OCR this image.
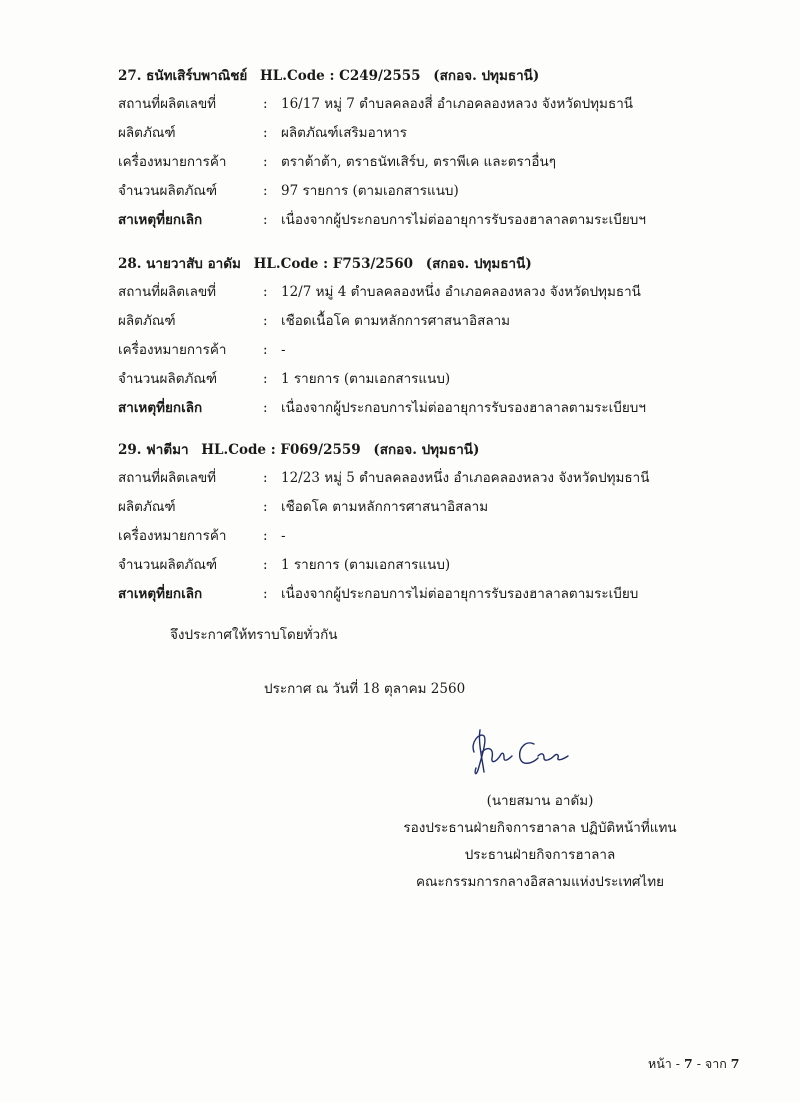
27. ธนัทเสิร์บพาณิชย์ HL.Code : C249/2555 (สกอจ. ปทุมธานี)
สถานที่ผลิตเลขที่	: 16/17 หมู่ 7 ตำบลคลองสี่ อำเภอคลองหลวง จังหวัดปทุมธานี
ผลิตภัณฑ์	: ผลิตภัณฑ์เสริมอาหาร
เครื่องหมายการค้า	: ตราต้าต้า, ตราธนัทเสิร์บ, ตราพีเค และตราอื่นๆ
จำนวนผลิตภัณฑ์	: 97 รายการ (ตามเอกสารแนบ)
สาเหตุที่ยกเลิก	: เนื่องจากผู้ประกอบการไม่ต่ออายุการรับรองฮาลาลตามระเบียบฯ
28. นายวาสับ อาดัม HL.Code : F753/2560 (สกอจ. ปทุมธานี)
สถานที่ผลิตเลขที่	: 12/7 หมู่ 4 ตำบลคลองหนึ่ง อำเภอคลองหลวง จังหวัดปทุมธานี
ผลิตภัณฑ์	: เชือดเนื้อโค ตามหลักการศาสนาอิสลาม
เครื่องหมายการค้า	: -
จำนวนผลิตภัณฑ์	: 1 รายการ (ตามเอกสารแนบ)
สาเหตุที่ยกเลิก	: เนื่องจากผู้ประกอบการไม่ต่ออายุการรับรองฮาลาลตามระเบียบฯ
29. ฟาตีมา HL.Code : F069/2559 (สกอจ. ปทุมธานี)
สถานที่ผลิตเลขที่	: 12/23 หมู่ 5 ตำบลคลองหนึ่ง อำเภอคลองหลวง จังหวัดปทุมธานี
ผลิตภัณฑ์	: เชือดโค ตามหลักการศาสนาอิสลาม
เครื่องหมายการค้า	: -
จำนวนผลิตภัณฑ์	: 1 รายการ (ตามเอกสารแนบ)
สาเหตุที่ยกเลิก	: เนื่องจากผู้ประกอบการไม่ต่ออายุการรับรองฮาลาลตามระเบียบ
จึงประกาศให้ทราบโดยทั่วกัน
ประกาศ ณ วันที่ 18 ตุลาคม 2560
(นายสมาน อาดัม)
รองประธานฝ่ายกิจการฮาลาล ปฏิบัติหน้าที่แทน
ประธานฝ่ายกิจการฮาลาล
คณะกรรมการกลางอิสลามแห่งประเทศไทย
หน้า - 7 - จาก 7
